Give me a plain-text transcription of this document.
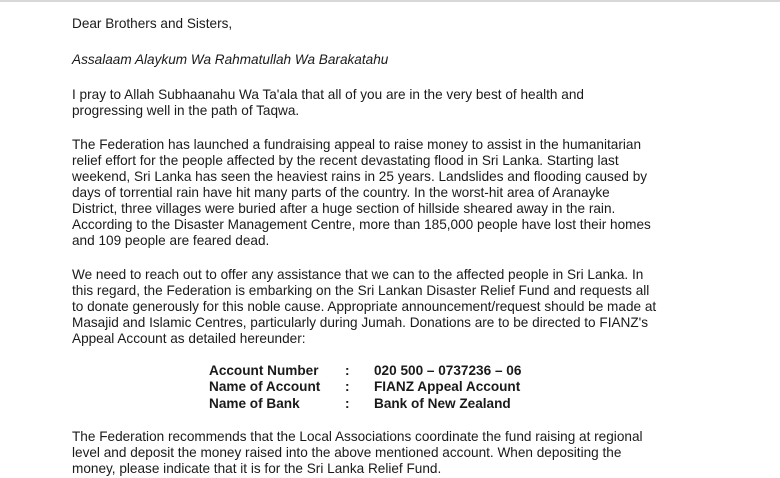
Dear Brothers and Sisters,
Assalaam Alaykum Wa Rahmatullah Wa Barakatahu
I pray to Allah Subhaanahu Wa Ta'ala that all of you are in the very best of health and
progressing well in the path of Taqwa.
The Federation has launched a fundraising appeal to raise money to assist in the humanitarian
relief effort for the people affected by the recent devastating flood in Sri Lanka. Starting last
weekend, Sri Lanka has seen the heaviest rains in 25 years. Landslides and flooding caused by
days of torrential rain have hit many parts of the country. In the worst-hit area of Aranayke
District, three villages were buried after a huge section of hillside sheared away in the rain.
According to the Disaster Management Centre, more than 185,000 people have lost their homes
and 109 people are feared dead.
We need to reach out to offer any assistance that we can to the affected people in Sri Lanka. In
this regard, the Federation is embarking on the Sri Lankan Disaster Relief Fund and requests all
to donate generously for this noble cause. Appropriate announcement/request should be made at
Masajid and Islamic Centres, particularly during Jumah. Donations are to be directed to FIANZ's
Appeal Account as detailed hereunder:
Account Number : 020 500 – 0737236 – 06
Name of Account : FIANZ Appeal Account
Name of Bank	: Bank of New Zealand
The Federation recommends that the Local Associations coordinate the fund raising at regional
level and deposit the money raised into the above mentioned account. When depositing the
money, please indicate that it is for the Sri Lanka Relief Fund.
